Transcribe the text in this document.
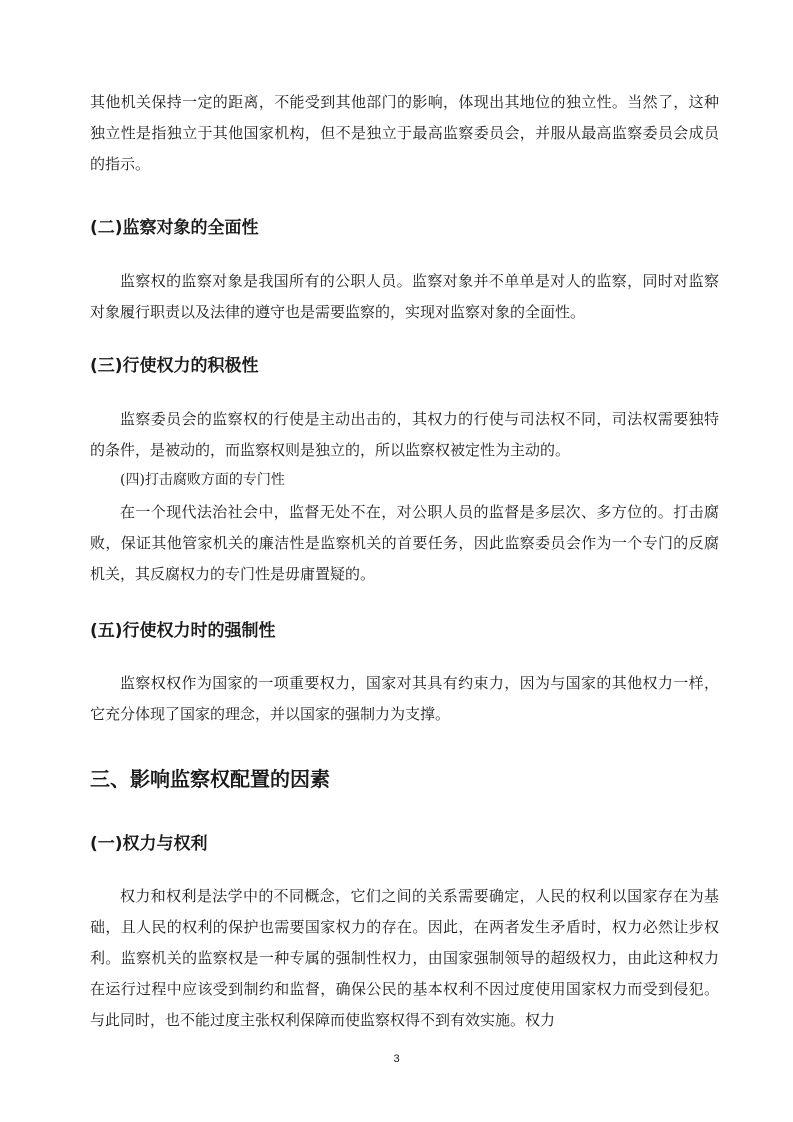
其他机关保持一定的距离，不能受到其他部门的影响，体现出其地位的独立性。当然了，这种独立性是指独立于其他国家机构，但不是独立于最高监察委员会，并服从最高监察委员会成员的指示。

(二)监察对象的全面性

监察权的监察对象是我国所有的公职人员。监察对象并不单单是对人的监察，同时对监察对象履行职责以及法律的遵守也是需要监察的，实现对监察对象的全面性。

(三)行使权力的积极性

监察委员会的监察权的行使是主动出击的，其权力的行使与司法权不同，司法权需要独特的条件，是被动的，而监察权则是独立的，所以监察权被定性为主动的。

(四)打击腐败方面的专门性

在一个现代法治社会中，监督无处不在，对公职人员的监督是多层次、多方位的。打击腐败，保证其他管家机关的廉洁性是监察机关的首要任务，因此监察委员会作为一个专门的反腐机关，其反腐权力的专门性是毋庸置疑的。

(五)行使权力时的强制性

监察权权作为国家的一项重要权力，国家对其具有约束力，因为与国家的其他权力一样，它充分体现了国家的理念，并以国家的强制力为支撑。

三、影响监察权配置的因素
(一)权力与权利

权力和权利是法学中的不同概念，它们之间的关系需要确定，人民的权利以国家存在为基础，且人民的权利的保护也需要国家权力的存在。因此，在两者发生矛盾时，权力必然让步权利。监察机关的监察权是一种专属的强制性权力，由国家强制领导的超级权力，由此这种权力在运行过程中应该受到制约和监督，确保公民的基本权利不因过度使用国家权力而受到侵犯。与此同时，也不能过度主张权利保障而使监察权得不到有效实施。权力

3
